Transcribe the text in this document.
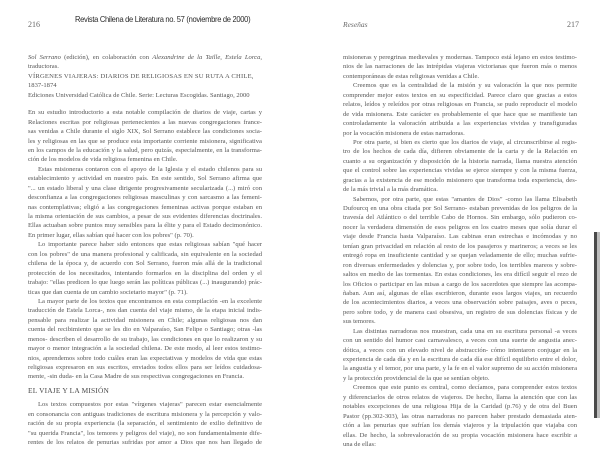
216
Revista Chilena de Literatura no. 57 (noviembre de 2000)
Sol Serrano (edición), en colaboración con Alexandrine de la Taille, Estela Lorca,
traductoras.
VÍRGENES VIAJERAS: DIARIOS DE RELIGIOSAS EN SU RUTA A CHILE,
1837-1874
Ediciones Universidad Católica de Chile. Serie: Lecturas Escogidas. Santiago, 2000
En su estudio introductorio a esta notable compilación de diarios de viaje, cartas y
Relaciones escritas por religiosas pertenecientes a las nuevas congregaciones france-
sas venidas a Chile durante el siglo XIX, Sol Serrano establece las condiciones socia-
les y religiosas en las que se produce esta importante corriente misionera, significativa
en los campos de la educación y la salud, pero quizás, especialmente, en la transforma-
ción de los modelos de vida religiosa femenina en Chile.
Estas misioneras contaron con el apoyo de la Iglesia y el estado chilenos para su
establecimiento y actividad en nuestro país. En este sentido, Sol Serrano afirma que
"... un estado liberal y una clase dirigente progresivamente secularizada (...) miró con
desconfianza a las congregaciones religiosas masculinas y con sarcasmo a las femeni-
nas contemplativas; eligió a las congregaciones femeninas activas porque estaban en
la misma orientación de sus cambios, a pesar de sus evidentes diferencias doctrinales.
Ellas actuaban sobre puntos muy sensibles para la élite y para el Estado decimonónico.
En primer lugar, ellas sabían qué hacer con los pobres" (p. 70).
Lo importante parece haber sido entonces que estas religiosas sabían "qué hacer
con los pobres" de una manera profesional y calificada, sin equivalente en la sociedad
chilena de la época y, de acuerdo con Sol Serrano, fueron más allá de la tradicional
protección de los necesitados, intentando formarlos en la disciplina del orden y el
trabajo: "ellas predicen lo que luego serán las políticas públicas (...) inaugurando) prác-
ticas que dan cuenta de un cambio societario mayor" (p. 71).
La mayor parte de los textos que encontramos en esta compilación -en la excelente
traducción de Estela Lorca-, nos dan cuenta del viaje mismo, de la etapa inicial indis-
pensable para realizar la actividad misionera en Chile; algunas religiosas nos dan
cuenta del recibimiento que se les dio en Valparaíso, San Felipe o Santiago; otras -las
menos- describen el desarrollo de su trabajo, las condiciones en que lo realizaron y su
mayor o menor integración a la sociedad chilena. De este modo, al leer estos testimo-
nios, aprendemos sobre todo cuáles eran las expectativas y modelos de vida que estas
religiosas expresaron en sus escritos, enviados todos ellos para ser leídos cuidadosa-
mente, -sin duda- en la Casa Madre de sus respectivas congregaciones en Francia.
EL VIAJE Y LA MISIÓN
Los textos compuestos por estas "vírgenes viajeras" parecen estar esencialmente
en consonancia con antiguas tradiciones de escritura misionera y la percepción y valo-
ración de su propia experiencia (la separación, el sentimiento de exilio definitivo de
"su querida Francia", los temores y peligros del viaje), no son fundamentalmente dife-
rentes de los relatos de penurias sufridas por amor a Dios que nos han llegado de
Reseñas	217
misioneras y peregrinas medievales y modernas. Tampoco está lejano en estos testimo-
nios de las narraciones de las intrépidas viajeras victorianas que fueron más o menos
contemporáneas de estas religiosas venidas a Chile.
Creemos que es la centralidad de la misión y su valoración la que nos permite
comprender mejor estos textos en su especificidad. Parece claro que gracias a estos
relatos, leídos y releídos por otras religiosas en Francia, se pudo reproducir el modelo
de vida misionera. Este carácter es probablemente el que hace que se manifieste tan
controladamente la valoración atribuida a las experiencias vividas y transfiguradas
por la vocación misionera de estas narradoras.
Por otra parte, si bien es cierto que los diarios de viaje, al circunscribirse al regis-
tro de los hechos de cada día, difieren obviamente de la carta y de la Relación en
cuanto a su organización y disposición de la historia narrada, llama nuestra atención
que el control sobre las experiencias vividas se ejerce siempre y con la misma fuerza,
gracias a la existencia de ese modelo misionero que transforma toda experiencia, des-
de la más trivial a la más dramática.
Sabemos, por otra parte, que estas "amantes de Dios" -como las llama Elisabeth
Dufourcq en una obra citada por Sol Serrano- estaban prevenidas de los peligros de la
travesía del Atlántico o del terrible Cabo de Hornos. Sin embargo, sólo pudieron co-
nocer la verdadera dimensión de esos peligros en los cuatro meses que solía durar el
viaje desde Francia hasta Valparaíso. Las cabinas eran estrechas e incómodas y no
tenían gran privacidad en relación al resto de los pasajeros y marineros; a veces se les
entregó ropa en insuficiente cantidad y se quejan veladamente de ello; muchas sufrie-
ron diversas enfermedades y dolencias y, por sobre todo, los terribles mareos y sobre-
saltos en medio de las tormentas. En estas condiciones, les era difícil seguir el rezo de
los Oficios o participar en las misas a cargo de los sacerdotes que siempre las acompa-
ñaban. Aun así, algunas de ellas escribieron, durante esos largos viajes, un recuerdo
de los acontecimientos diarios, a veces una observación sobre paisajes, aves o peces,
pero sobre todo, y de manera casi obsesiva, un registro de sus dolencias físicas y de
sus temores.
Las distintas narradoras nos muestran, cada una en su escritura personal -a veces
con un sentido del humor casi carnavalesco, a veces con una suerte de angustia anec-
dótica, a veces con un elevado nivel de abstracción- cómo intentaron conjugar en la
experiencia de cada día y en la escritura de cada día ese difícil equilibrio entre el dolor,
la angustia y el temor, por una parte, y la fe en el valor supremo de su acción misionera
y la protección providencial de la que se sentían objeto.
Creemos que este punto es central, como decíamos, para comprender estos textos
y diferenciarlos de otros relatos de viajeros. De hecho, llama la atención que con las
notables excepciones de una religiosa Hija de la Caridad (p.76) y de otra del Buen
Pastor (pp.302-303), las otras narradoras no parecen haber prestado demasiada aten-
ción a las penurias que sufrían los demás viajeros y la tripulación que viajaba con
ellas. De hecho, la sobrevaloración de su propia vocación misionera hace escribir a
una de ellas:
